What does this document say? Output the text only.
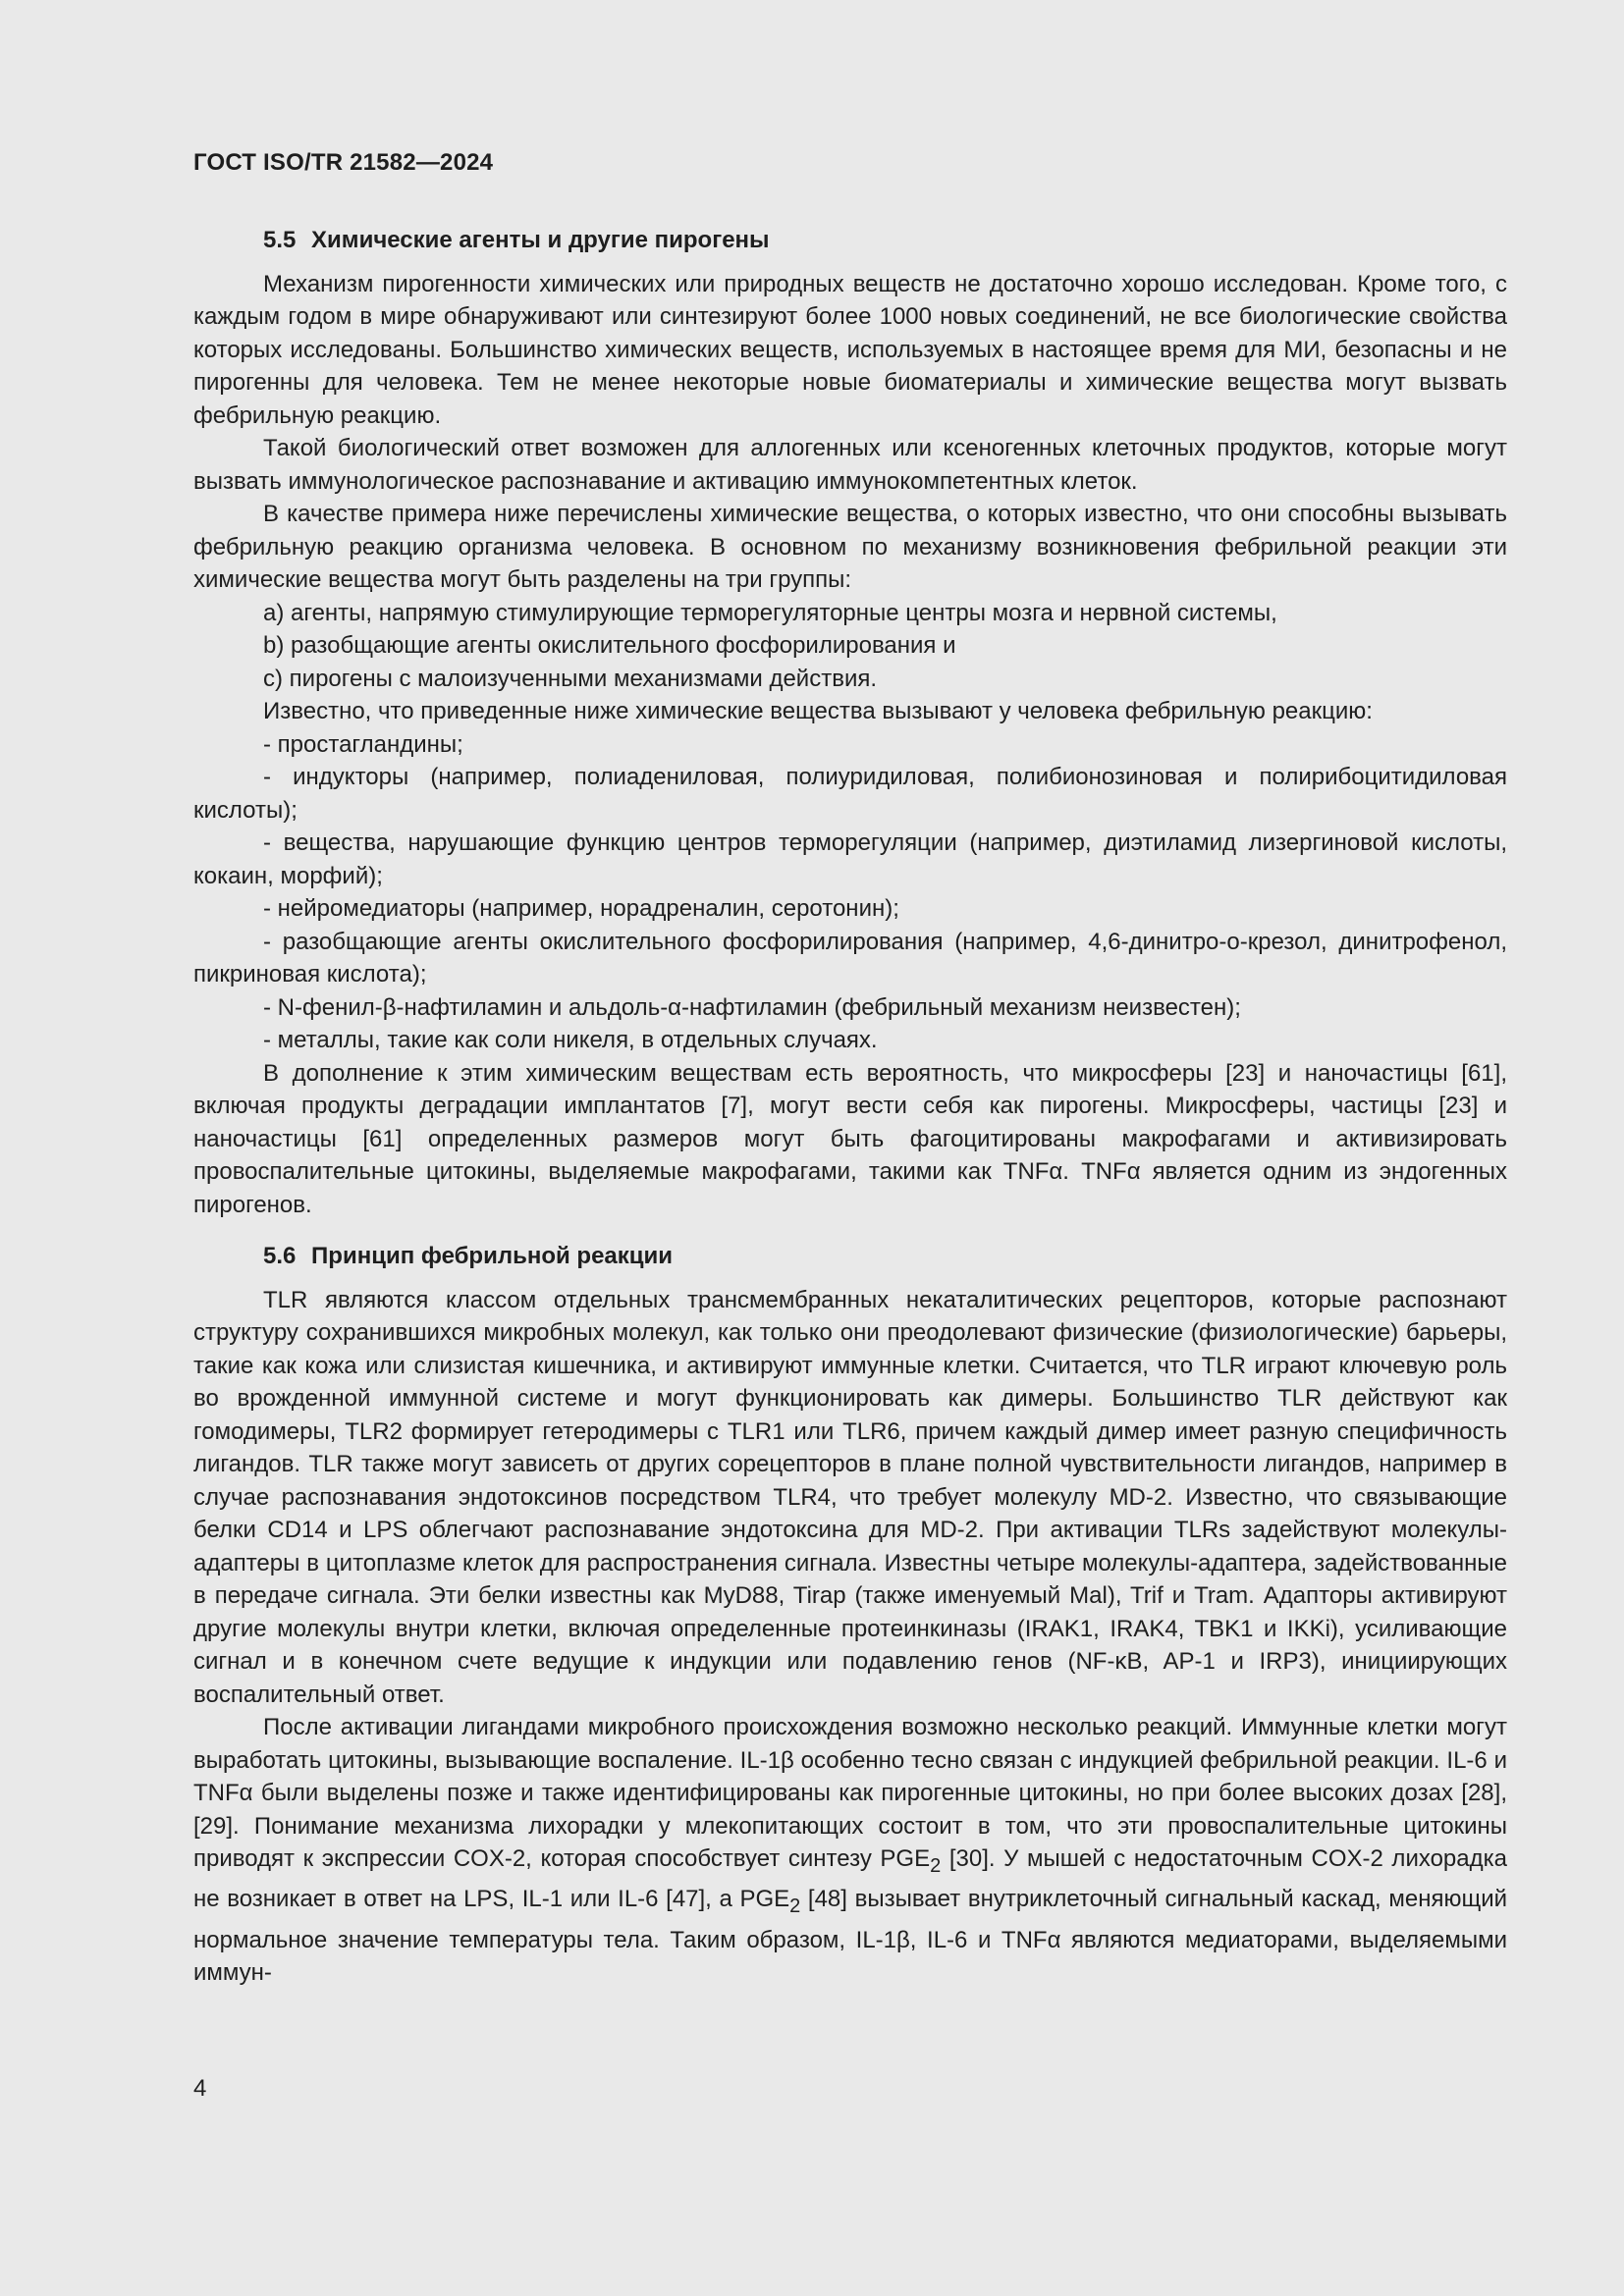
ГОСТ ISO/TR 21582—2024
5.5 Химические агенты и другие пирогены

Механизм пирогенности химических или природных веществ не достаточно хорошо исследован. Кроме того, с каждым годом в мире обнаруживают или синтезируют более 1000 новых соединений, не все биологические свойства которых исследованы. Большинство химических веществ, используемых в настоящее время для МИ, безопасны и не пирогенны для человека. Тем не менее некоторые новые биоматериалы и химические вещества могут вызвать фебрильную реакцию.

Такой биологический ответ возможен для аллогенных или ксеногенных клеточных продуктов, которые могут вызвать иммунологическое распознавание и активацию иммунокомпетентных клеток.

В качестве примера ниже перечислены химические вещества, о которых известно, что они способны вызывать фебрильную реакцию организма человека. В основном по механизму возникновения фебрильной реакции эти химические вещества могут быть разделены на три группы:

a) агенты, напрямую стимулирующие терморегуляторные центры мозга и нервной системы,

b) разобщающие агенты окислительного фосфорилирования и

c) пирогены с малоизученными механизмами действия.

Известно, что приведенные ниже химические вещества вызывают у человека фебрильную реакцию:

- простагландины;

- индукторы (например, полиадениловая, полиуридиловая, полибионозиновая и полирибоцитидиловая кислоты);

- вещества, нарушающие функцию центров терморегуляции (например, диэтиламид лизергиновой кислоты, кокаин, морфий);

- нейромедиаторы (например, норадреналин, серотонин);

- разобщающие агенты окислительного фосфорилирования (например, 4,6-динитро-о-крезол, динитрофенол, пикриновая кислота);

- N-фенил-β-нафтиламин и альдоль-α-нафтиламин (фебрильный механизм неизвестен);

- металлы, такие как соли никеля, в отдельных случаях.

В дополнение к этим химическим веществам есть вероятность, что микросферы [23] и наночастицы [61], включая продукты деградации имплантатов [7], могут вести себя как пирогены. Микросферы, частицы [23] и наночастицы [61] определенных размеров могут быть фагоцитированы макрофагами и активизировать провоспалительные цитокины, выделяемые макрофагами, такими как TNFα. TNFα является одним из эндогенных пирогенов.

5.6 Принцип фебрильной реакции

TLR являются классом отдельных трансмембранных некаталитических рецепторов, которые распознают структуру сохранившихся микробных молекул, как только они преодолевают физические (физиологические) барьеры, такие как кожа или слизистая кишечника, и активируют иммунные клетки. Считается, что TLR играют ключевую роль во врожденной иммунной системе и могут функционировать как димеры. Большинство TLR действуют как гомодимеры, TLR2 формирует гетеродимеры с TLR1 или TLR6, причем каждый димер имеет разную специфичность лигандов. TLR также могут зависеть от других сорецепторов в плане полной чувствительности лигандов, например в случае распознавания эндотоксинов посредством TLR4, что требует молекулу MD-2. Известно, что связывающие белки CD14 и LPS облегчают распознавание эндотоксина для MD-2. При активации TLRs задействуют молекулы-адаптеры в цитоплазме клеток для распространения сигнала. Известны четыре молекулы-адаптера, задействованные в передаче сигнала. Эти белки известны как MyD88, Tirap (также именуемый Mal), Trif и Tram. Адапторы активируют другие молекулы внутри клетки, включая определенные протеинкиназы (IRAK1, IRAK4, TBK1 и IKKi), усиливающие сигнал и в конечном счете ведущие к индукции или подавлению генов (NF-κB, AP-1 и IRP3), инициирующих воспалительный ответ.

После активации лигандами микробного происхождения возможно несколько реакций. Иммунные клетки могут выработать цитокины, вызывающие воспаление. IL-1β особенно тесно связан с индукцией фебрильной реакции. IL-6 и TNFα были выделены позже и также идентифицированы как пирогенные цитокины, но при более высоких дозах [28], [29]. Понимание механизма лихорадки у млекопитающих состоит в том, что эти провоспалительные цитокины приводят к экспрессии COX-2, которая способствует синтезу $PGE_2$ [30]. У мышей с недостаточным COX-2 лихорадка не возникает в ответ на LPS, IL-1 или IL-6 [47], а $PGE_2$ [48] вызывает внутриклеточный сигнальный каскад, меняющий нормальное значение температуры тела. Таким образом, IL-1β, IL-6 и TNFα являются медиаторами, выделяемыми иммун-

4
